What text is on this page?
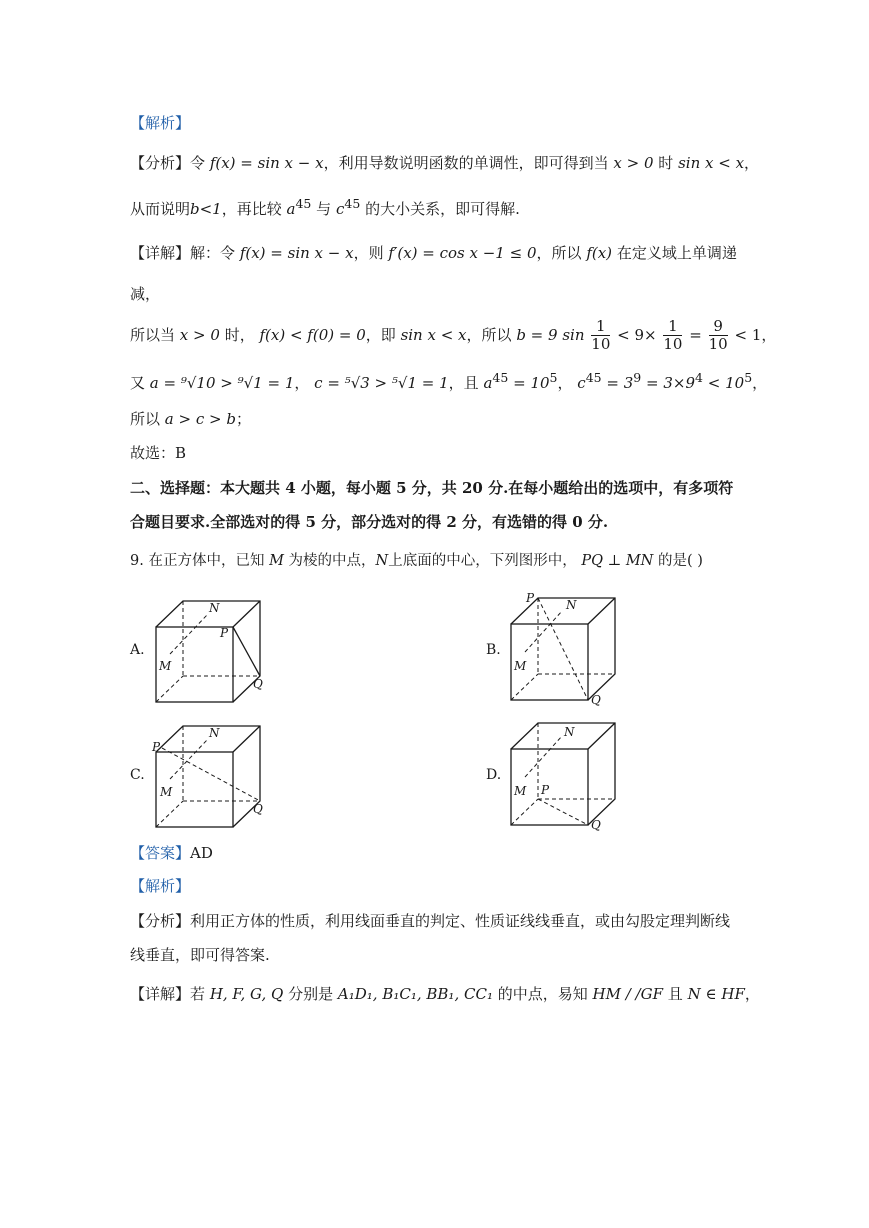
【解析】
【分析】令 f(x) = sin x − x，利用导数说明函数的单调性，即可得到当 x > 0 时 sin x < x，
从而说明b<1，再比较 $a^{45}$ 与 $c^{45}$ 的大小关系，即可得解.
【详解】解：令 f(x) = sin x − x，则 f′(x) = cos x −1 ≤ 0，所以 f(x) 在定义域上单调递
减，
所以当 x > 0 时， f(x) < f(0) = 0，即 sin x < x，所以 b = 9 $\sin \frac{1}{10} < 9\times \frac{1}{10} = \frac{9}{10} < 1$，
又 a = ⁹√10 > ⁹√1 = 1， c = ⁵√3 > ⁵√1 = 1，且 $a^{45} = 10^5$， $c^{45} = 3^9 = 3\times 9^4 < 10^5$，
所以 a > c > b；
故选：B
二、选择题：本大题共 4 小题，每小题 5 分，共 20 分.在每小题给出的选项中，有多项符
合题目要求.全部选对的得 5 分，部分选对的得 2 分，有选错的得 0 分.
9. 在正方体中，已知 M 为棱的中点，N上底面的中心，下列图形中， PQ ⊥ MN 的是( )
A.
N
P
M
Q
B.
P	N
M
Q
C.
N
P
M
Q
D.
N
P
M
Q
【答案】AD
【解析】
【分析】利用正方体的性质，利用线面垂直的判定、性质证线线垂直，或由勾股定理判断线
线垂直，即可得答案.
【详解】若 H, F, G, Q 分别是 A₁D₁, B₁C₁, BB₁, CC₁ 的中点，易知 HM / /GF 且 N ∈ HF，
